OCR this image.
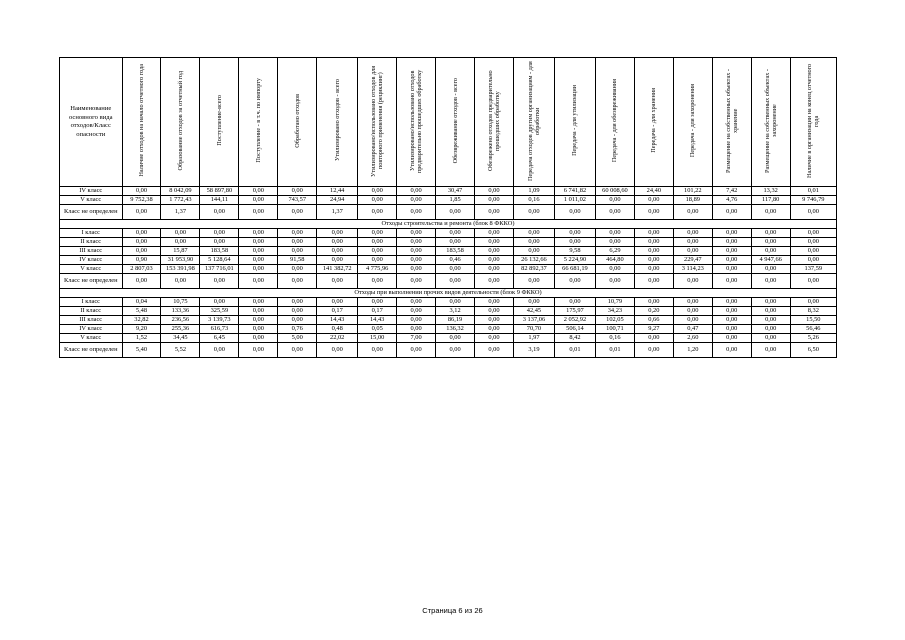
Наименование основного вида отходов/Класс опасности	Наличие отходов на начало отчетного года	Образование отходов за отчетный год	Поступление-всего	Поступление - в т.ч. по импорту	Обработано отходов	Утилизировано отходов - всего	Утилизировано/использовано отходов для повторного применения (рециклинг)	Утилизировано/использовано отходов предварительно прошедших обработку	Обезвреживание отходов - всего	Обезврежено отходов предварительно прошедших обработку	Передача отходов другим организациям - для обработки	Передача - для утилизации	Передача - для обезвреживания	Передача - для хранения	Передача - для захоронения	Размещение на собственных объектах - хранение	Размещение на собственных объектах - захоронение	Наличие в организации на конец отчетного года
IV класс	0,00	8 042,09	58 897,80	0,00	0,00	12,44	0,00	0,00	30,47	0,00	1,09	6 741,82	60 008,60	24,40	101,22	7,42	13,32	0,01
V класс	9 752,38	1 772,43	144,11	0,00	743,57	24,94	0,00	0,00	1,85	0,00	0,16	1 011,02	0,00	0,00	18,89	4,76	117,80	9 746,79
Класс не определен	0,00	1,37	0,00	0,00	0,00	1,37	0,00	0,00	0,00	0,00	0,00	0,00	0,00	0,00	0,00	0,00	0,00	0,00
Отходы строительства и ремонта (блок 8 ФККО)																		
I класс	0,00	0,00	0,00	0,00	0,00	0,00	0,00	0,00	0,00	0,00	0,00	0,00	0,00	0,00	0,00	0,00	0,00	0,00
II класс	0,00	0,00	0,00	0,00	0,00	0,00	0,00	0,00	0,00	0,00	0,00	0,00	0,00	0,00	0,00	0,00	0,00	0,00
III класс	0,00	15,87	183,58	0,00	0,00	0,00	0,00	0,00	183,58	0,00	0,00	9,58	6,29	0,00	0,00	0,00	0,00	0,00
IV класс	0,90	31 953,90	5 128,64	0,00	91,58	0,00	0,00	0,00	0,46	0,00	26 132,66	5 224,90	464,80	0,00	229,47	0,00	4 947,66	0,00
V класс	2 807,03	153 391,98	137 716,01	0,00	0,00	141 382,72	4 775,96	0,00	0,00	0,00	82 892,37	66 681,19	0,00	0,00	3 114,23	0,00	0,00	137,59
Класс не определен	0,00	0,00	0,00	0,00	0,00	0,00	0,00	0,00	0,00	0,00	0,00	0,00	0,00	0,00	0,00	0,00	0,00	0,00
Отходы при выполнении прочих видов деятельности (блок 9 ФККО)																		
I класс	0,04	10,75	0,00	0,00	0,00	0,00	0,00	0,00	0,00	0,00	0,00	0,00	10,79	0,00	0,00	0,00	0,00	0,00
II класс	5,48	133,36	325,59	0,00	0,00	0,17	0,17	0,00	3,12	0,00	42,45	175,97	34,23	0,20	0,00	0,00	0,00	8,32
III класс	32,82	236,56	3 139,73	0,00	0,00	14,43	14,43	0,00	86,19	0,00	3 137,06	2 052,92	102,05	0,66	0,00	0,00	0,00	15,50
IV класс	9,20	255,36	616,73	0,00	0,76	0,48	0,05	0,00	136,32	0,00	70,70	506,14	100,71	9,27	0,47	0,00	0,00	56,46
V класс	1,52	34,45	6,45	0,00	5,00	22,02	15,00	7,00	0,00	0,00	1,97	8,42	0,16	0,00	2,60	0,00	0,00	5,26
Класс не определен	5,40	5,52	0,00	0,00	0,00	0,00	0,00	0,00	0,00	0,00	3,19	0,01	0,01	0,00	1,20	0,00	0,00	6,50
Страница 6 из 26
